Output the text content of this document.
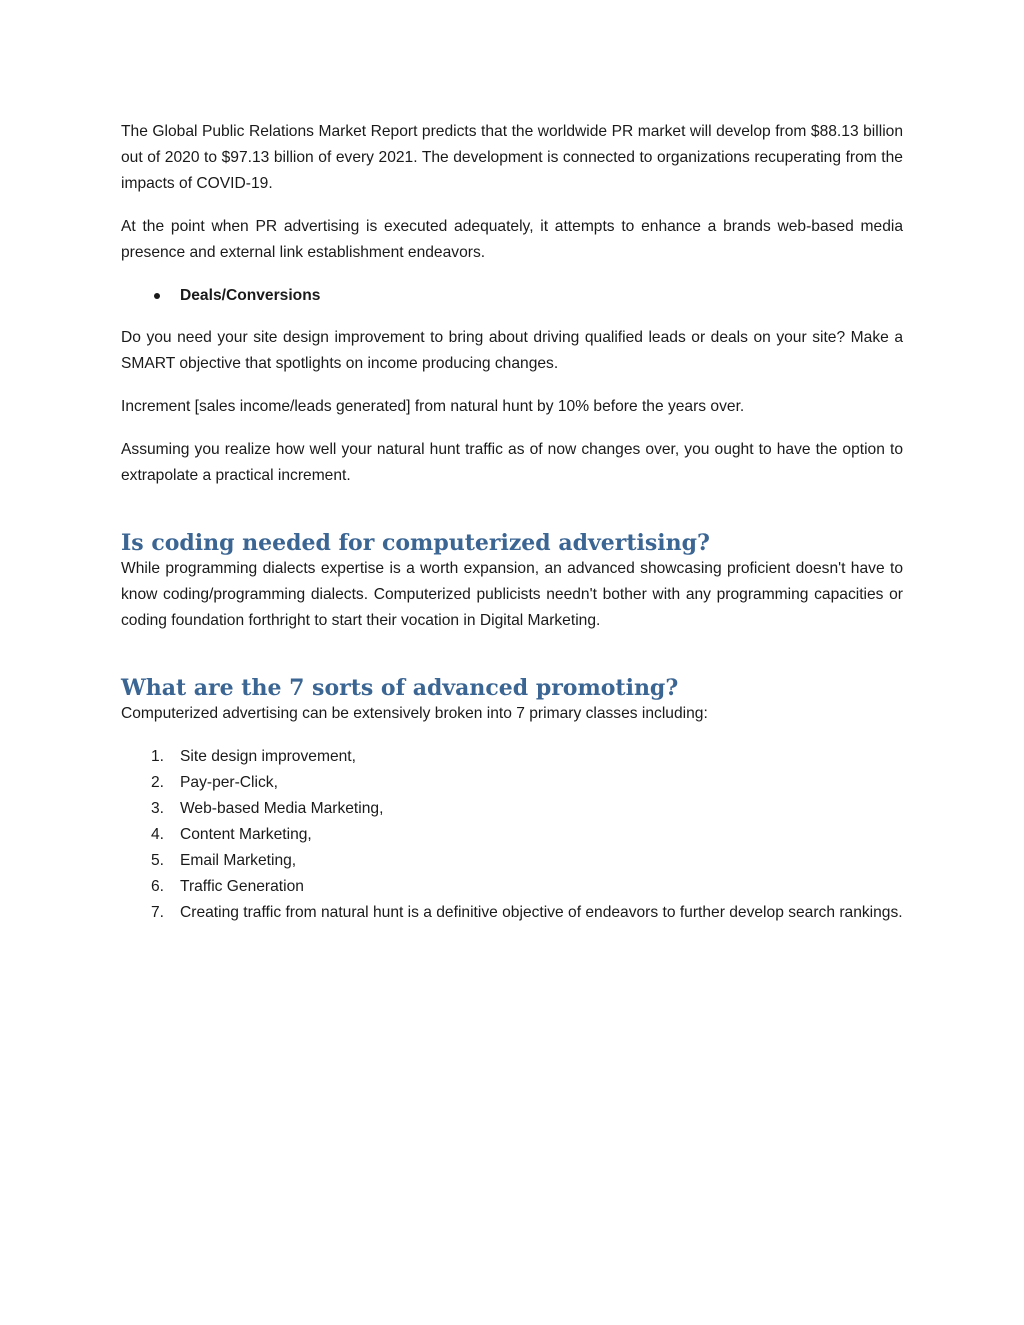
The Global Public Relations Market Report predicts that the worldwide PR market will develop from $88.13 billion out of 2020 to $97.13 billion of every 2021. The development is connected to organizations recuperating from the impacts of COVID-19.

At the point when PR advertising is executed adequately, it attempts to enhance a brands web-based media presence and external link establishment endeavors.

Deals/Conversions

Do you need your site design improvement to bring about driving qualified leads or deals on your site? Make a SMART objective that spotlights on income producing changes.

Increment [sales income/leads generated] from natural hunt by 10% before the years over.

Assuming you realize how well your natural hunt traffic as of now changes over, you ought to have the option to extrapolate a practical increment.

Is coding needed for computerized advertising?

While programming dialects expertise is a worth expansion, an advanced showcasing proficient doesn't have to know coding/programming dialects. Computerized publicists needn't bother with any programming capacities or coding foundation forthright to start their vocation in Digital Marketing.

What are the 7 sorts of advanced promoting?

Computerized advertising can be extensively broken into 7 primary classes including:

1. Site design improvement,
2. Pay-per-Click,
3. Web-based Media Marketing,
4. Content Marketing,
5. Email Marketing,
6. Traffic Generation
7. Creating traffic from natural hunt is a definitive objective of endeavors to further develop search rankings.
